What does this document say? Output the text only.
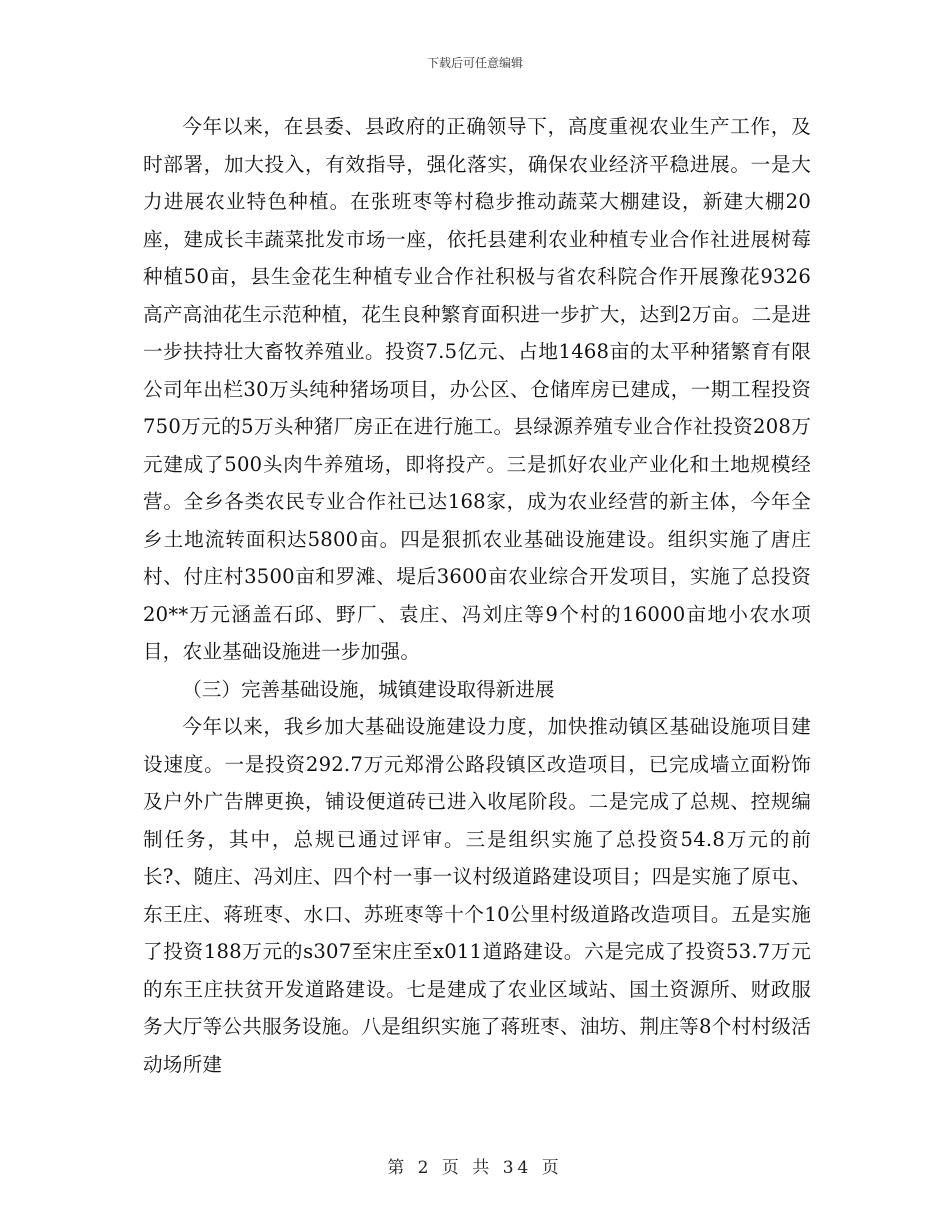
下载后可任意编辑

今年以来，在县委、县政府的正确领导下，高度重视农业生产工作，及时部署，加大投入，有效指导，强化落实，确保农业经济平稳进展。一是大力进展农业特色种植。在张班枣等村稳步推动蔬菜大棚建设，新建大棚20座，建成长丰蔬菜批发市场一座，依托县建利农业种植专业合作社进展树莓种植50亩，县生金花生种植专业合作社积极与省农科院合作开展豫花9326高产高油花生示范种植，花生良种繁育面积进一步扩大，达到2万亩。二是进一步扶持壮大畜牧养殖业。投资7.5亿元、占地1468亩的太平种猪繁育有限公司年出栏30万头纯种猪场项目，办公区、仓储库房已建成，一期工程投资750万元的5万头种猪厂房正在进行施工。县绿源养殖专业合作社投资208万元建成了500头肉牛养殖场，即将投产。三是抓好农业产业化和土地规模经营。全乡各类农民专业合作社已达168家，成为农业经营的新主体，今年全乡土地流转面积达5800亩。四是狠抓农业基础设施建设。组织实施了唐庄村、付庄村3500亩和罗滩、堤后3600亩农业综合开发项目，实施了总投资20**万元涵盖石邱、野厂、袁庄、冯刘庄等9个村的16000亩地小农水项目，农业基础设施进一步加强。

（三）完善基础设施，城镇建设取得新进展

今年以来，我乡加大基础设施建设力度，加快推动镇区基础设施项目建设速度。一是投资292.7万元郑滑公路段镇区改造项目，已完成墙立面粉饰及户外广告牌更换，铺设便道砖已进入收尾阶段。二是完成了总规、控规编制任务，其中，总规已通过评审。三是组织实施了总投资54.8万元的前长?、随庄、冯刘庄、四个村一事一议村级道路建设项目；四是实施了原屯、东王庄、蒋班枣、水口、苏班枣等十个10公里村级道路改造项目。五是实施了投资188万元的s307至宋庄至x011道路建设。六是完成了投资53.7万元的东王庄扶贫开发道路建设。七是建成了农业区域站、国土资源所、财政服务大厅等公共服务设施。八是组织实施了蒋班枣、油坊、荆庄等8个村村级活动场所建

第 2 页 共 34 页
